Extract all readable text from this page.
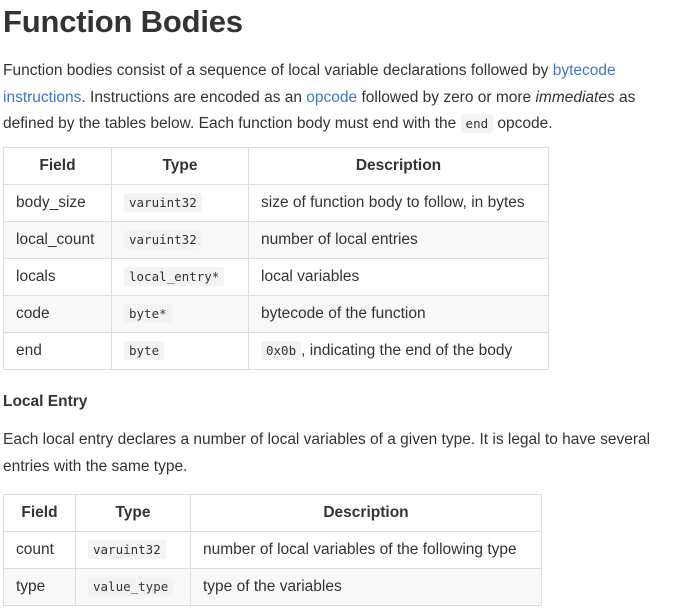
Function Bodies

Function bodies consist of a sequence of local variable declarations followed by bytecode instructions. Instructions are encoded as an opcode followed by zero or more immediates as defined by the tables below. Each function body must end with the end opcode.

Field	Type	Description
body_size	varuint32	size of function body to follow, in bytes
local_count	varuint32	number of local entries
locals	local_entry*	local variables
code	byte*	bytecode of the function
end	byte	0x0b , indicating the end of the body
Local Entry

Each local entry declares a number of local variables of a given type. It is legal to have several entries with the same type.

Field	Type	Description
count	varuint32	number of local variables of the following type
type	value_type	type of the variables
